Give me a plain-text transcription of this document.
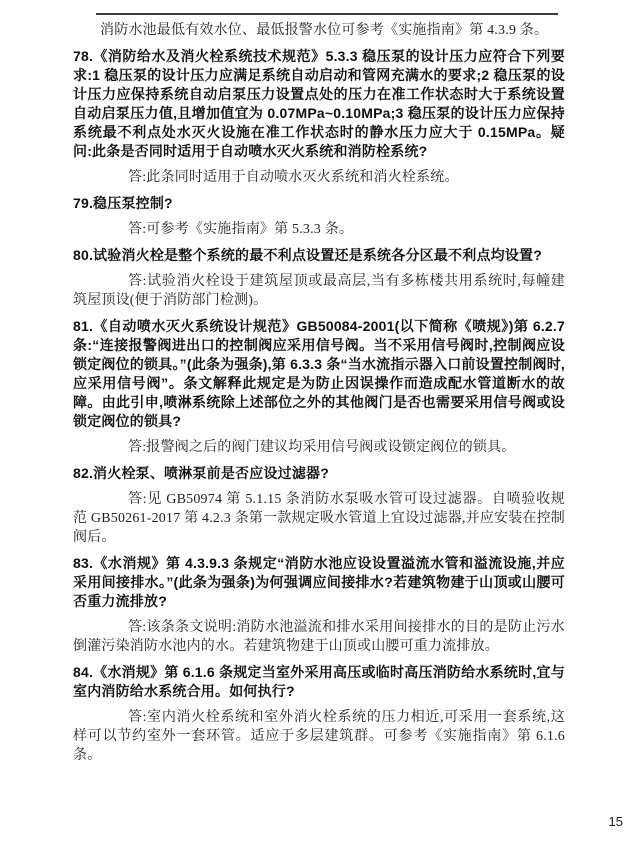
消防水池最低有效水位、最低报警水位可参考《实施指南》第 4.3.9 条。

78.《消防给水及消火栓系统技术规范》5.3.3 稳压泵的设计压力应符合下列要求:1 稳压泵的设计压力应满足系统自动启动和管网充满水的要求;2 稳压泵的设计压力应保持系统自动启泵压力设置点处的压力在准工作状态时大于系统设置自动启泵压力值,且增加值宜为 0.07MPa~0.10MPa;3 稳压泵的设计压力应保持系统最不利点处水灭火设施在准工作状态时的静水压力应大于 0.15MPa。疑问:此条是否同时适用于自动喷水灭火系统和消防栓系统?

答:此条同时适用于自动喷水灭火系统和消火栓系统。

79.稳压泵控制?

答:可参考《实施指南》第 5.3.3 条。

80.试验消火栓是整个系统的最不利点设置还是系统各分区最不利点均设置?

答:试验消火栓设于建筑屋顶或最高层,当有多栋楼共用系统时,每幢建筑屋顶设(便于消防部门检测)。

81.《自动喷水灭火系统设计规范》GB50084-2001(以下简称《喷规》)第 6.2.7 条:“连接报警阀进出口的控制阀应采用信号阀。当不采用信号阀时,控制阀应设锁定阀位的锁具。”(此条为强条),第 6.3.3 条“当水流指示器入口前设置控制阀时,应采用信号阀”。条文解释此规定是为防止因误操作而造成配水管道断水的故障。由此引申,喷淋系统除上述部位之外的其他阀门是否也需要采用信号阀或设锁定阀位的锁具?

答:报警阀之后的阀门建议均采用信号阀或设锁定阀位的锁具。

82.消火栓泵、喷淋泵前是否应设过滤器?

答:见 GB50974 第 5.1.15 条消防水泵吸水管可设过滤器。自喷验收规范 GB50261-2017 第 4.2.3 条第一款规定吸水管道上宜设过滤器,并应安装在控制阀后。

83.《水消规》第 4.3.9.3 条规定“消防水池应设设置溢流水管和溢流设施,并应采用间接排水。”(此条为强条)为何强调应间接排水?若建筑物建于山顶或山腰可否重力流排放?

答:该条条文说明:消防水池溢流和排水采用间接排水的目的是防止污水倒灌污染消防水池内的水。若建筑物建于山顶或山腰可重力流排放。

84.《水消规》第 6.1.6 条规定当室外采用高压或临时高压消防给水系统时,宜与室内消防给水系统合用。如何执行?

答:室内消火栓系统和室外消火栓系统的压力相近,可采用一套系统,这样可以节约室外一套环管。适应于多层建筑群。可参考《实施指南》第 6.1.6 条。

15
